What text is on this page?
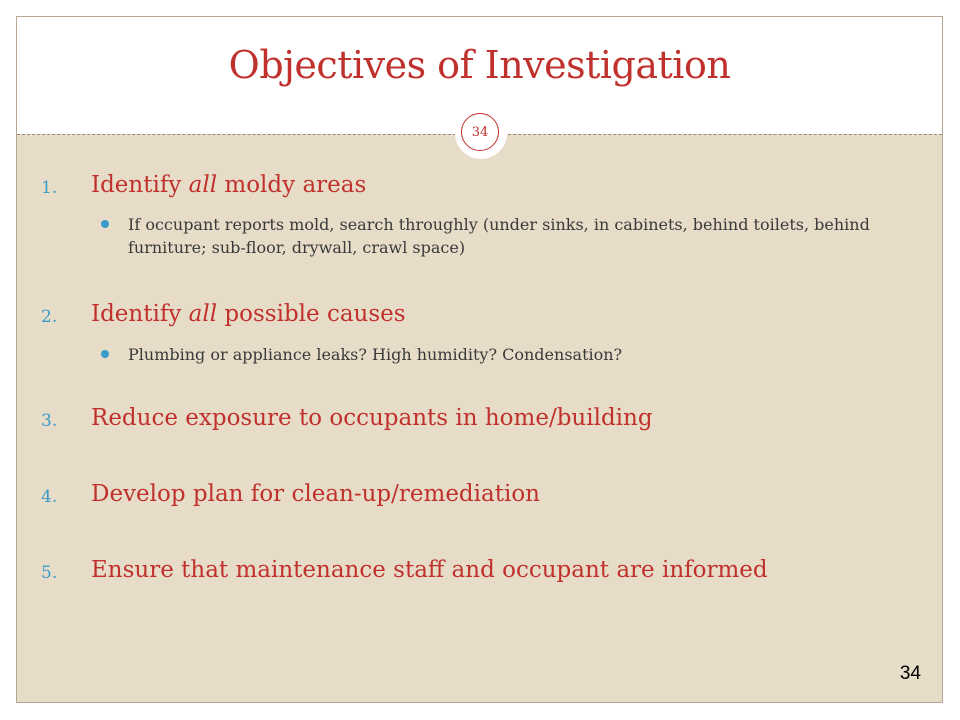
Objectives of Investigation
34
1.	Identify all moldy areas
If occupant reports mold, search throughly (under sinks, in cabinets, behind toilets, behind furniture; sub-floor, drywall, crawl space)
2.	Identify all possible causes
Plumbing or appliance leaks? High humidity? Condensation?
3.	Reduce exposure to occupants in home/building
4.	Develop plan for clean-up/remediation
5.	Ensure that maintenance staff and occupant are informed
34
